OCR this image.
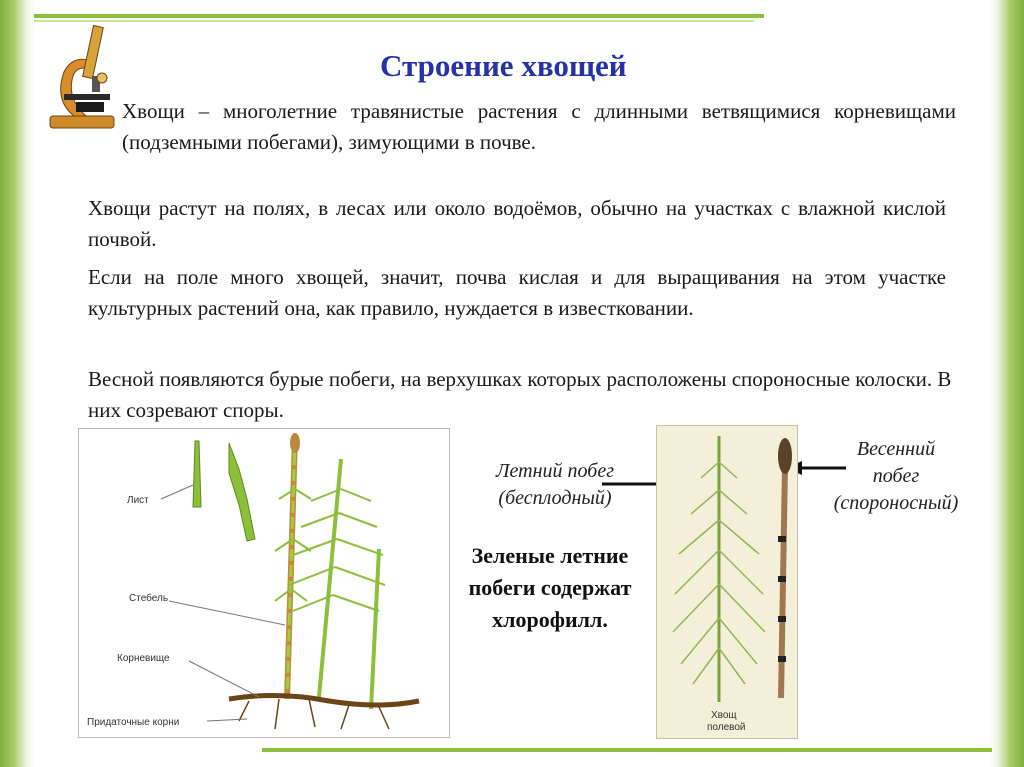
Строение хвощей
Хвощи – многолетние травянистые растения с длинными ветвящимися корневищами (подземными побегами), зимующими в почве.
Хвощи растут на полях, в лесах или около водоёмов, обычно на участках с влажной кислой почвой.
Если на поле много хвощей, значит, почва кислая и для выращивания на этом участке культурных растений она, как правило, нуждается в известковании.
Весной появляются бурые побеги, на верхушках которых расположены спороносные колоски. В них созревают споры.
Лист
Стебель
Корневище
Придаточные корни
Летний побег
(бесплодный)
Весенний
побег
(спороносный)
Зеленые летние побеги содержат хлорофилл.
Хвощ
полевой
